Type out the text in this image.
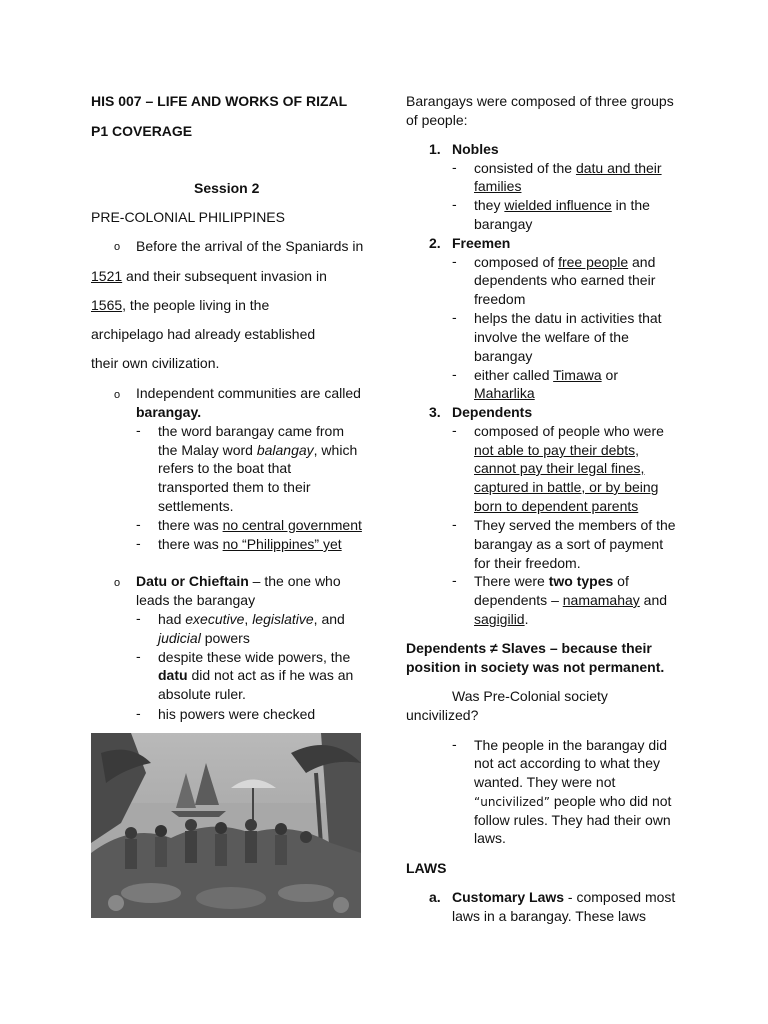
HIS 007 – LIFE AND WORKS OF RIZAL
P1 COVERAGE
Session 2
PRE-COLONIAL PHILIPPINES
o Before the arrival of the Spaniards in
1521 and their subsequent invasion in
1565, the people living in the
archipelago had already established
their own civilization.
o Independent communities are called
barangay.
- the word barangay came from
the Malay word balangay, which
refers to the boat that
transported them to their
settlements.
- there was no central government
- there was no “Philippines” yet
o Datu or Chieftain – the one who
leads the barangay
- had executive, legislative, and
judicial powers
- despite these wide powers, the
datu did not act as if he was an
absolute ruler.
- his powers were checked
Barangays were composed of three groups
of people:
1. Nobles
- consisted of the datu and their
families
- they wielded influence in the
barangay
2. Freemen
- composed of free people and
dependents who earned their
freedom
- helps the datu in activities that
involve the welfare of the
barangay
- either called Timawa or
Maharlika
3. Dependents
- composed of people who were
not able to pay their debts,
cannot pay their legal fines,
captured in battle, or by being
born to dependent parents
- They served the members of the
barangay as a sort of payment
for their freedom.
- There were two types of
dependents – namamahay and
sagigilid.
Dependents ≠ Slaves – because their
position in society was not permanent.
Was Pre-Colonial society
uncivilized?
- The people in the barangay did
not act according to what they
wanted. They were not
“uncivilized” people who did not
follow rules. They had their own
laws.
LAWS
a. Customary Laws - composed most
laws in a barangay. These laws
